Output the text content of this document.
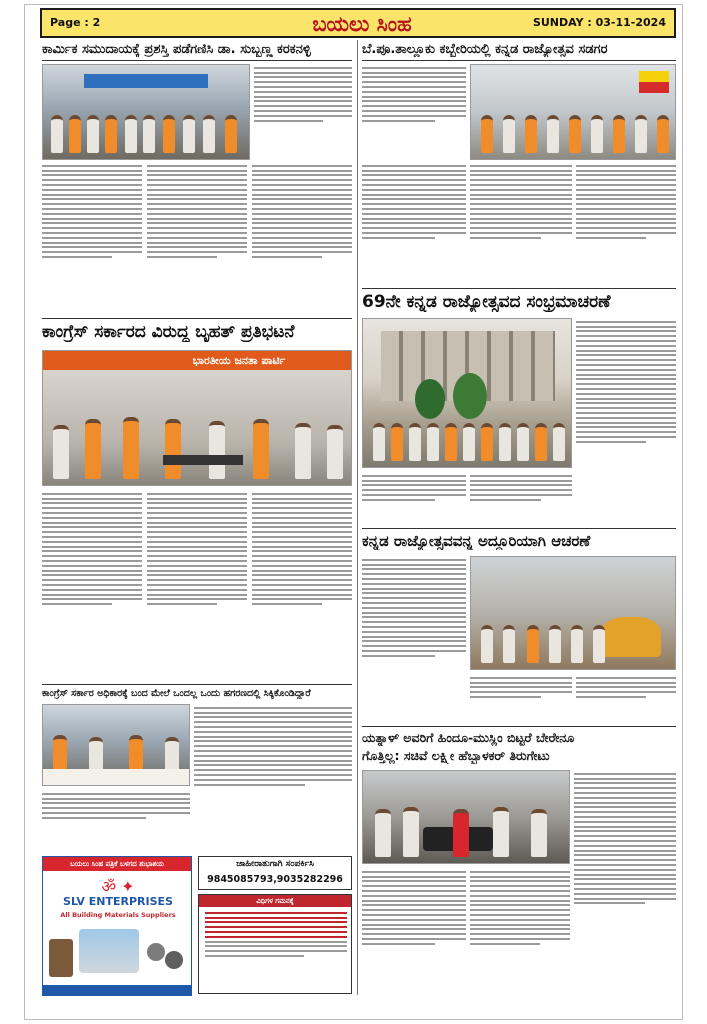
Page : 2	ಬಯಲು ಸಿಂಹ	SUNDAY : 03-11-2024
ಕಾರ್ಮಿಕ ಸಮುದಾಯಕ್ಕೆ ಪ್ರಶಸ್ತಿ ಪಡೆಗಣಿಸಿ ಡಾ. ಸುಬ್ಬಣ್ಣ ಕರಕನಳ್ಳಿ
ಕಾಂಗ್ರೆಸ್ ಸರ್ಕಾರದ ವಿರುದ್ಧ ಬೃಹತ್ ಪ್ರತಿಭಟನೆ
ಭಾರತೀಯ ಜನತಾ ಪಾರ್ಟಿ
ಕಾಂಗ್ರೆಸ್ ಸರ್ಕಾರ ಅಧಿಕಾರಕ್ಕೆ ಬಂದ ಮೇಲೆ ಒಂದಲ್ಲ ಒಂದು ಹಗರಣದಲ್ಲಿ ಸಿಕ್ಕಿಕೊಂಡಿದ್ದಾರೆ
ಬಯಲು ಸಿಂಹ ಪತ್ರಿಕೆ ಬಳಗದ ಶುಭಾಶಯ
ॐ ✦
SLV ENTERPRISES
All Building Materials Suppliers
ಜಾಹೀರಾತುಗಾಗಿ ಸಂಪರ್ಕಿಸಿ
9845085793,9035282296
ವಿಧಿಗಳ ಗಮನಕ್ಕೆ
ಬೆ.ಪೂ.ತಾಲ್ಲೂಕು ಕಬ್ಬೇರಿಯಲ್ಲಿ ಕನ್ನಡ ರಾಜ್ಯೋತ್ಸವ ಸಡಗರ
69ನೇ ಕನ್ನಡ ರಾಜ್ಯೋತ್ಸವದ ಸಂಭ್ರಮಾಚರಣೆ
ಕನ್ನಡ ರಾಜ್ಯೋತ್ಸವವನ್ನ ಅದ್ದೂರಿಯಾಗಿ ಆಚರಣೆ
ಯತ್ನಾಳ್ ಅವರಿಗೆ ಹಿಂದೂ-ಮುಸ್ಲಿಂ ಬಿಟ್ಟರೆ ಬೇರೇನೂ
ಗೊತ್ತಿಲ್ಲ: ಸಚಿವೆ ಲಕ್ಷ್ಮೀ ಹೆಬ್ಬಾಳಕರ್ ತಿರುಗೇಟು
